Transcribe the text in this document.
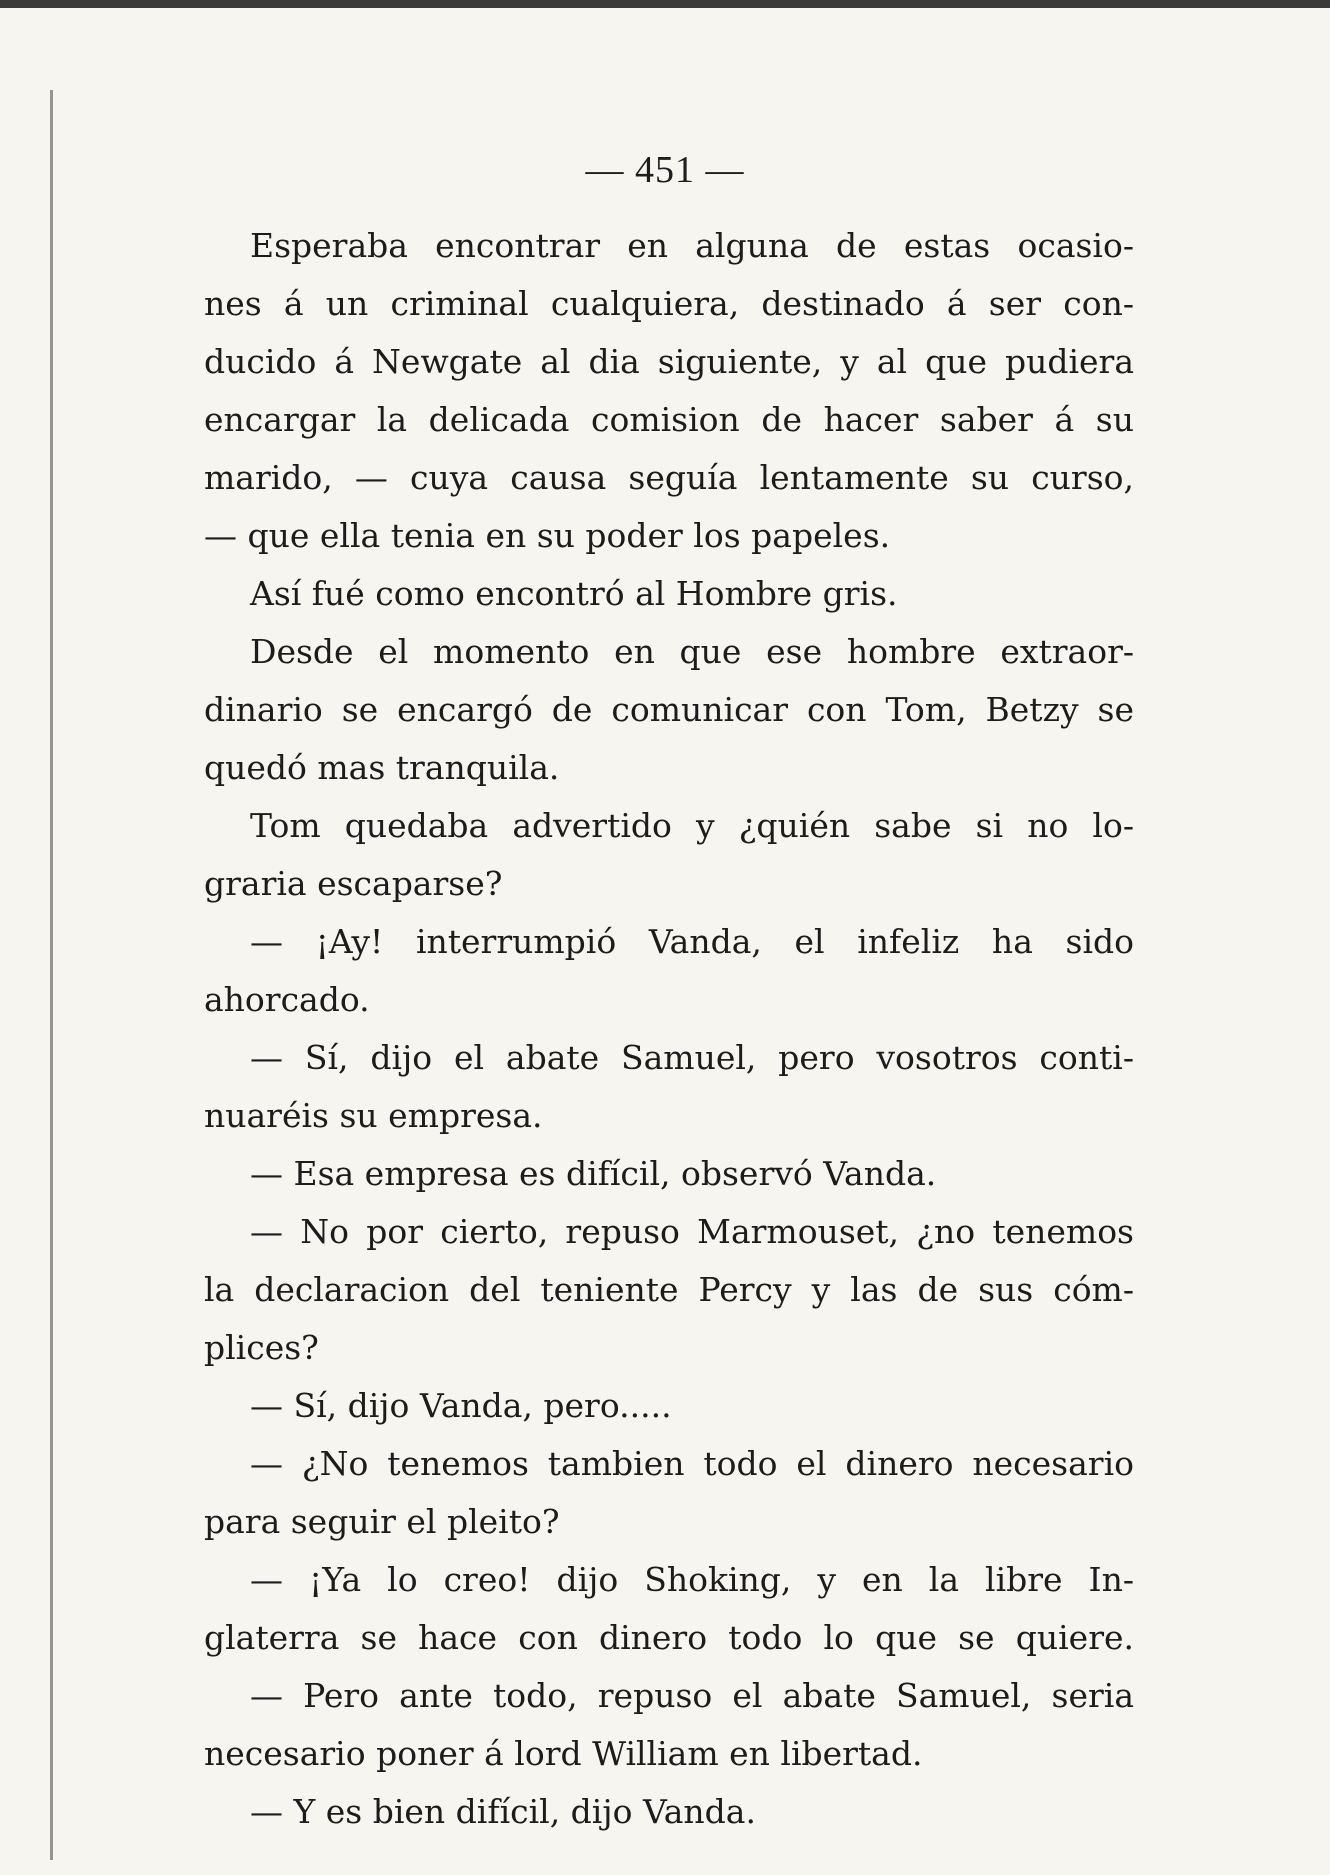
— 451 —
Esperaba encontrar en alguna de estas ocasio-
nes á un criminal cualquiera, destinado á ser con-
ducido á Newgate al dia siguiente, y al que pudiera
encargar la delicada comision de hacer saber á su
marido, — cuya causa seguía lentamente su curso,
— que ella tenia en su poder los papeles.
Así fué como encontró al Hombre gris.
Desde el momento en que ese hombre extraor-
dinario se encargó de comunicar con Tom, Betzy se
quedó mas tranquila.
Tom quedaba advertido y ¿quién sabe si no lo-
graria escaparse?
— ¡Ay! interrumpió Vanda, el infeliz ha sido
ahorcado.
— Sí, dijo el abate Samuel, pero vosotros conti-
nuaréis su empresa.
— Esa empresa es difícil, observó Vanda.
— No por cierto, repuso Marmouset, ¿no tenemos
la declaracion del teniente Percy y las de sus cóm-
plices?
— Sí, dijo Vanda, pero.....
— ¿No tenemos tambien todo el dinero necesario
para seguir el pleito?
— ¡Ya lo creo! dijo Shoking, y en la libre In-
glaterra se hace con dinero todo lo que se quiere.
— Pero ante todo, repuso el abate Samuel, seria
necesario poner á lord William en libertad.
— Y es bien difícil, dijo Vanda.
